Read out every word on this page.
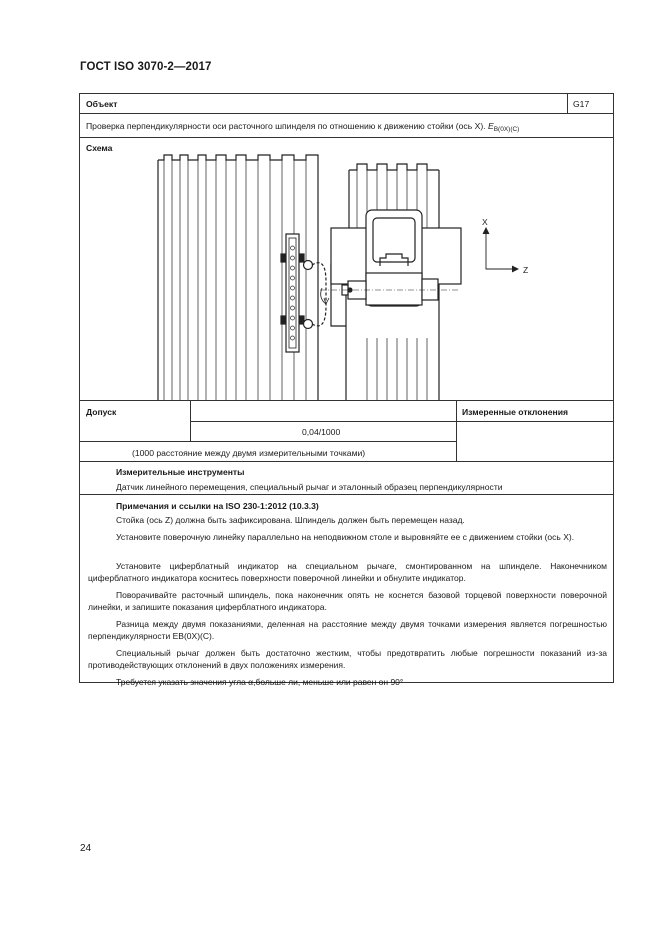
ГОСТ ISO 3070-2—2017
Объект	G17
Проверка перпендикулярности оси расточного шпинделя по отношению к движению стойки (ось X). $E_{B(0X)(C)}$
Схема
X
Z
Допуск	Измеренные отклонения
0,04/1000
(1000 расстояние между двумя измерительными точками)
Измерительные инструменты
Датчик линейного перемещения, специальный рычаг и эталонный образец перпендикулярности
Примечания и ссылки на ISO 230-1:2012 (10.3.3)
Стойка (ось Z) должна быть зафиксирована. Шпиндель должен быть перемещен назад.
Установите поверочную линейку параллельно на неподвижном столе и выровняйте ее с движением стойки (ось X).
Установите циферблатный индикатор на специальном рычаге, смонтированном на шпинделе. Наконечником циферблатного индикатора коснитесь поверхности поверочной линейки и обнулите индикатор.
Поворачивайте расточный шпиндель, пока наконечник опять не коснется базовой торцевой поверхности поверочной линейки, и запишите показания циферблатного индикатора.
Разница между двумя показаниями, деленная на расстояние между двумя точками измерения является погрешностью перпендикулярности EB(0X)(C).
Специальный рычаг должен быть достаточно жестким, чтобы предотвратить любые погрешности показаний из-за противодействующих отклонений в двух положениях измерения.
Требуется указать значения угла α,больше ли, меньше или равен он 90°
24
